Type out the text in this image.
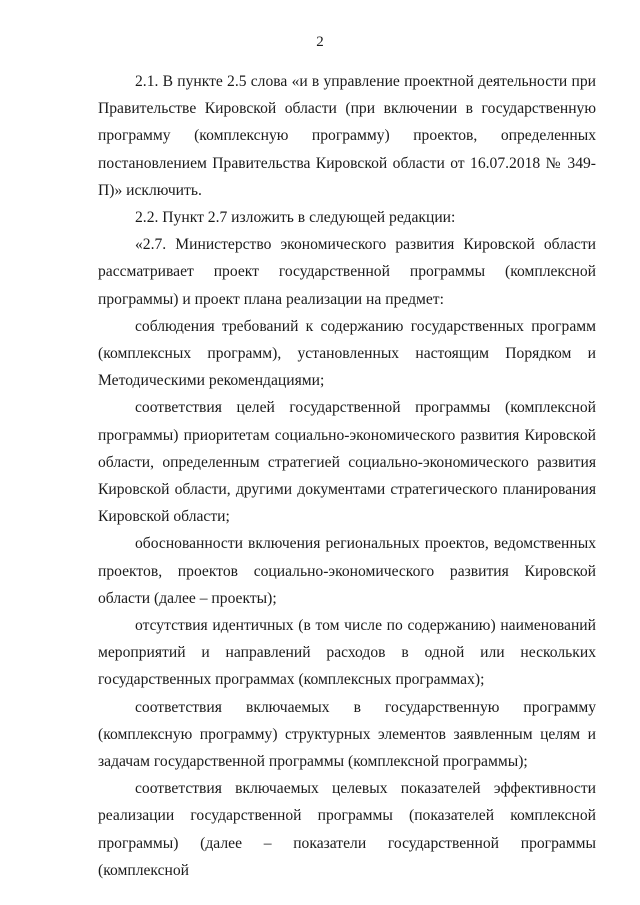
2

2.1. В пункте 2.5 слова «и в управление проектной деятельности при Правительстве Кировской области (при включении в государственную программу (комплексную программу) проектов, определенных постановлением Правительства Кировской области от 16.07.2018 № 349-П)» исключить.

2.2. Пункт 2.7 изложить в следующей редакции:

«2.7. Министерство экономического развития Кировской области рассматривает проект государственной программы (комплексной программы) и проект плана реализации на предмет:

соблюдения требований к содержанию государственных программ (комплексных программ), установленных настоящим Порядком и Методическими рекомендациями;

соответствия целей государственной программы (комплексной программы) приоритетам социально-экономического развития Кировской области, определенным стратегией социально-экономического развития Кировской области, другими документами стратегического планирования Кировской области;

обоснованности включения региональных проектов, ведомственных проектов, проектов социально-экономического развития Кировской области (далее – проекты);

отсутствия идентичных (в том числе по содержанию) наименований мероприятий и направлений расходов в одной или нескольких государственных программах (комплексных программах);

соответствия включаемых в государственную программу (комплексную программу) структурных элементов заявленным целям и задачам государственной программы (комплексной программы);

соответствия включаемых целевых показателей эффективности реализации государственной программы (показателей комплексной программы) (далее – показатели государственной программы (комплексной
